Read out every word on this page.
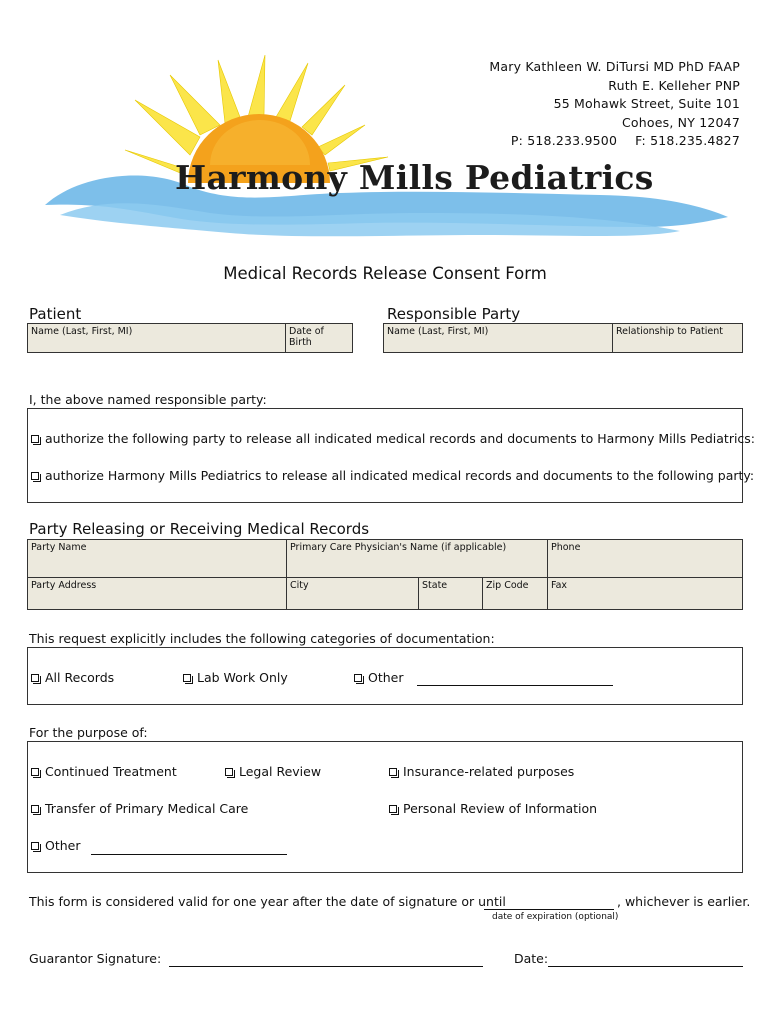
Mary Kathleen W. DiTursi MD PhD FAAP
Ruth E. Kelleher PNP
55 Mohawk Street, Suite 101
Cohoes, NY 12047
P: 518.233.9500 F: 518.235.4827
Harmony Mills Pediatrics
Medical Records Release Consent Form
Patient	Responsible Party
Name (Last, First, MI)	Date of Birth
Name (Last, First, MI)	Relationship to Patient
I, the above named responsible party:
authorize the following party to release all indicated medical records and documents to Harmony Mills Pediatrics:
authorize Harmony Mills Pediatrics to release all indicated medical records and documents to the following party:
Party Releasing or Receiving Medical Records
Party Name	Primary Care Physician's Name (if applicable)	Phone
Party Address	City	State	Zip Code	Fax
This request explicitly includes the following categories of documentation:
All Records	Lab Work Only	Other
For the purpose of:
Continued Treatment	Legal Review	Insurance-related purposes
Transfer of Primary Medical Care	Personal Review of Information
Other
This form is considered valid for one year after the date of signature or until	, whichever is earlier.
date of expiration (optional)
Guarantor Signature:	Date:
